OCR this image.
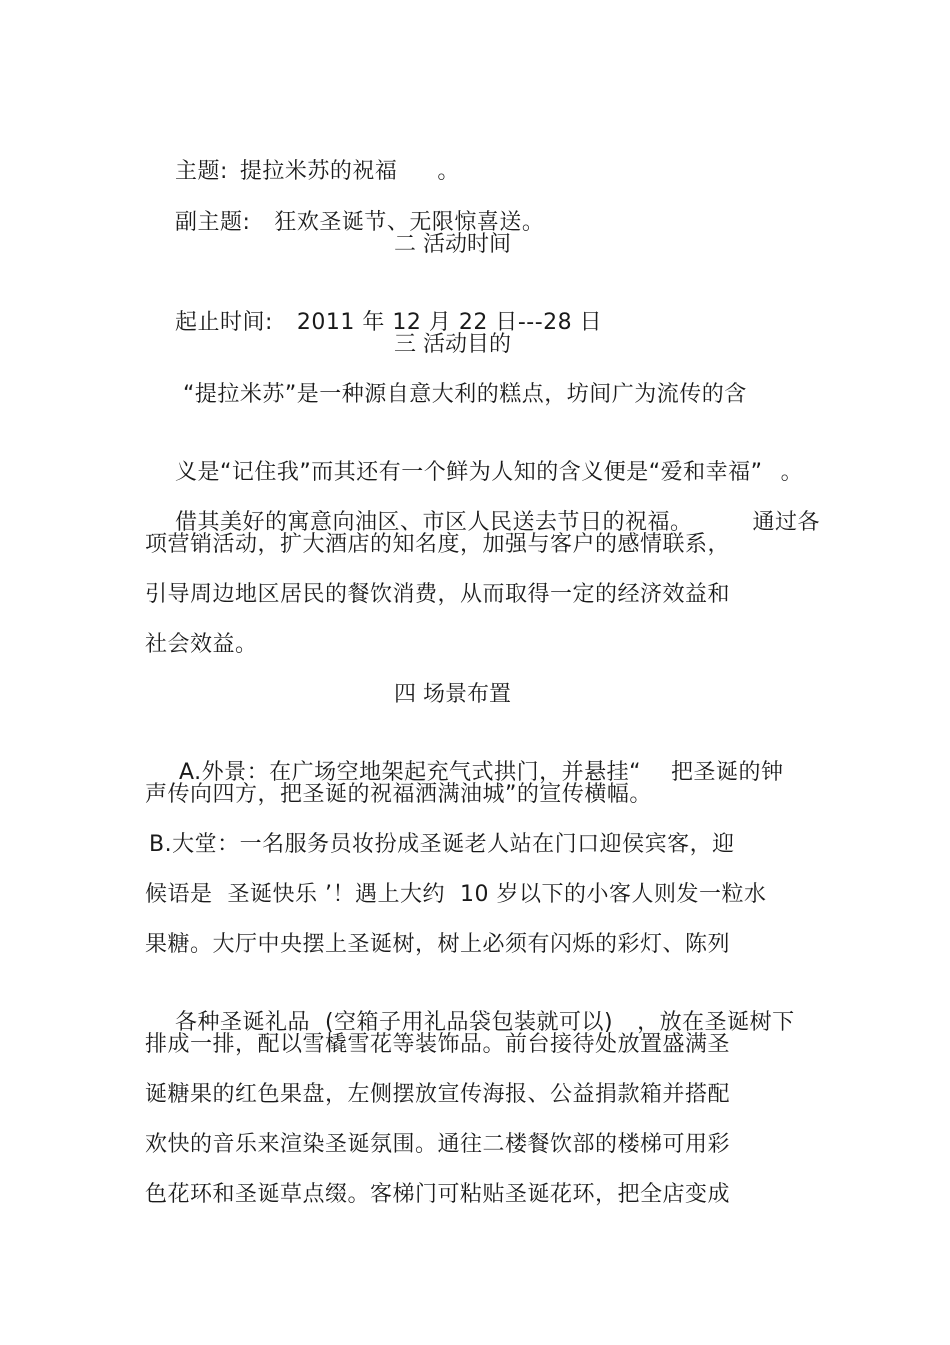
主题: 提拉米苏的祝福 。

副主题: 狂欢圣诞节、无限惊喜送。

二 活动时间

起止时间: 2011 年 12 月 22 日---28 日

三 活动目的
“提拉米苏”是一种源自意大利的糕点，坊间广为流传的含

义是“记住我”而其还有一个鲜为人知的含义便是“爱和幸福” 。

借其美好的寓意向油区、市区人民送去节日的祝福。	通过各

项营销活动，扩大酒店的知名度，加强与客户的感情联系，
引导周边地区居民的餐饮消费，从而取得一定的经济效益和
社会效益。
四 场景布置

A.外景：在广场空地架起充气式拱门，并悬挂“ 把圣诞的钟

声传向四方，把圣诞的祝福洒满油城”的宣传横幅。
B.大堂：一名服务员妆扮成圣诞老人站在门口迎侯宾客，迎
候语是  圣诞快乐 ’！遇上大约  10 岁以下的小客人则发一粒水
果糖。大厅中央摆上圣诞树，树上必须有闪烁的彩灯、陈列

各种圣诞礼品  (空箱子用礼品袋包装就可以) ，放在圣诞树下

排成一排，配以雪橇雪花等装饰品。前台接待处放置盛满圣
诞糖果的红色果盘，左侧摆放宣传海报、公益捐款箱并搭配
欢快的音乐来渲染圣诞氛围。通往二楼餐饮部的楼梯可用彩
色花环和圣诞草点缀。客梯门可粘贴圣诞花环，把全店变成
